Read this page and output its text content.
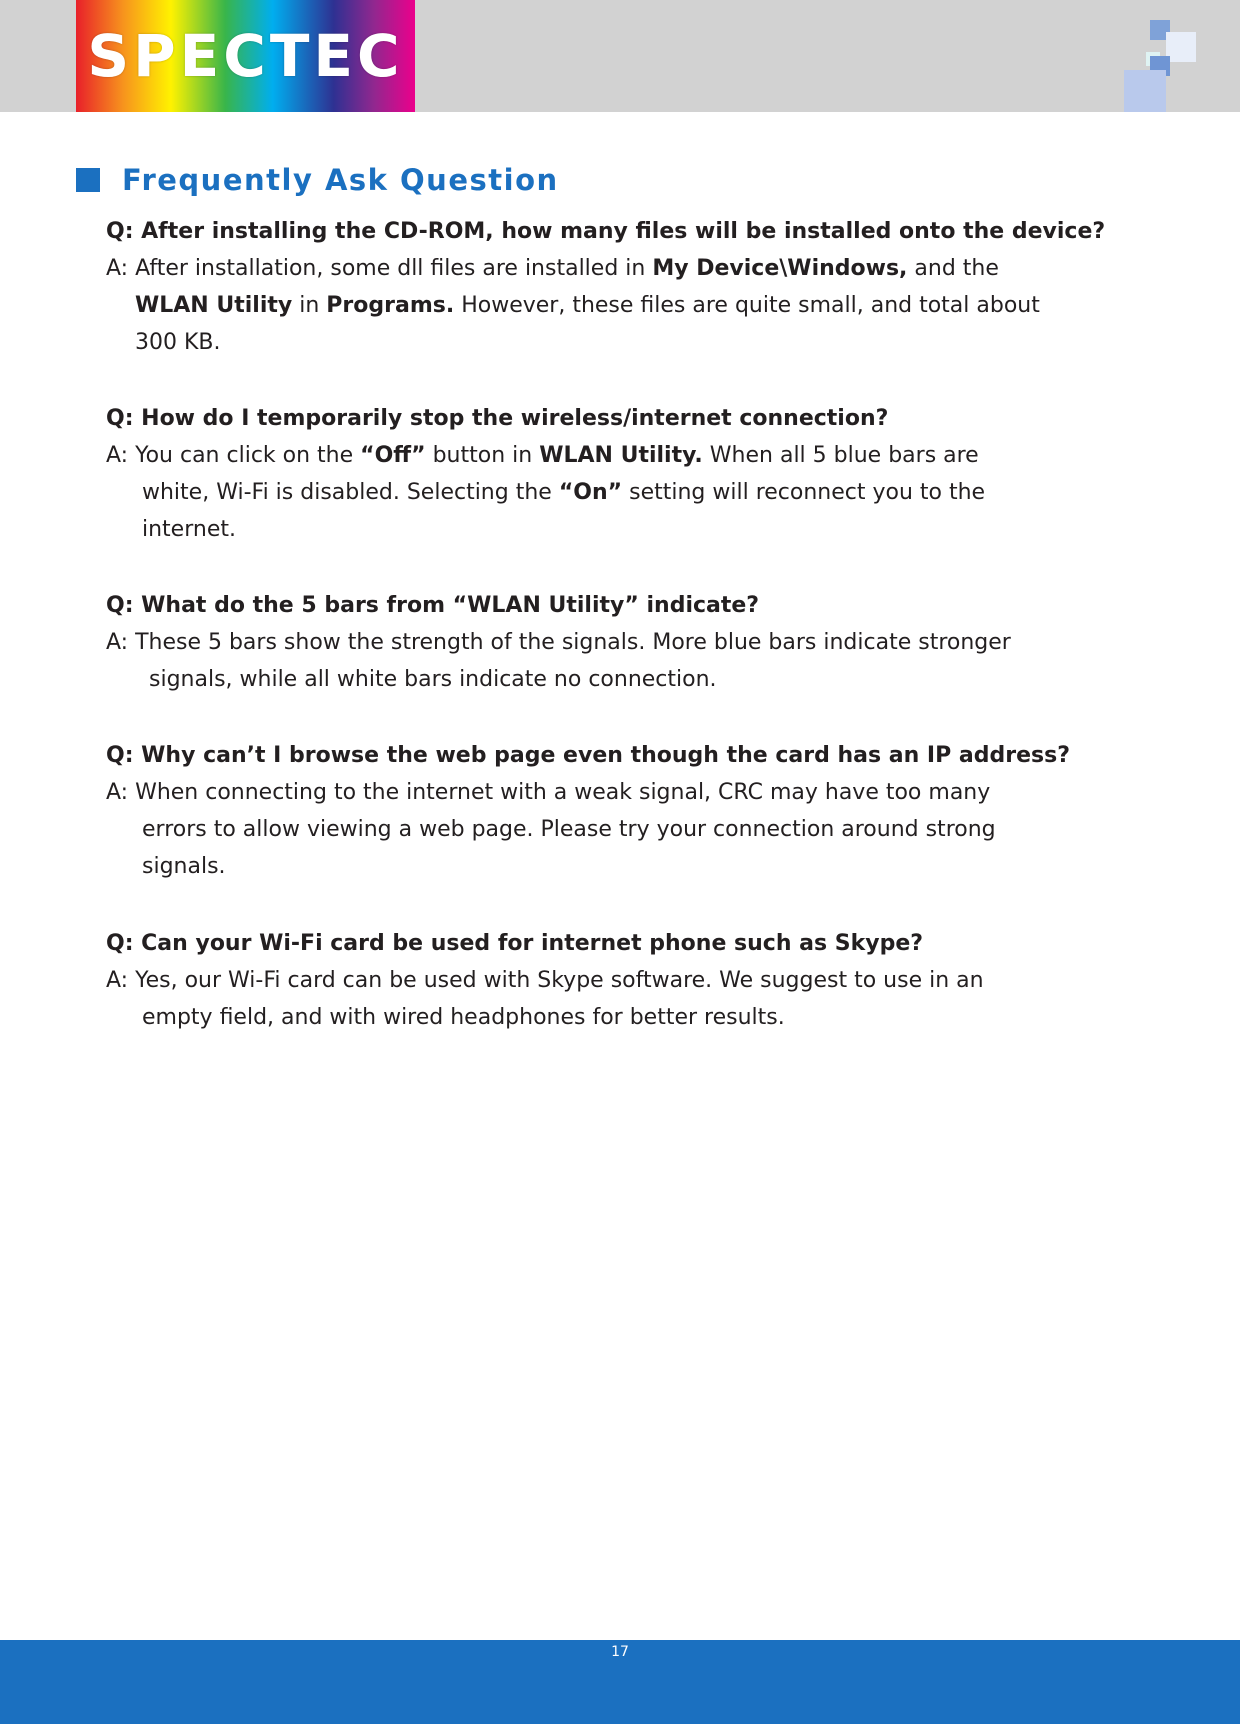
SPECTEC
Frequently Ask Question

Q: After installing the CD-ROM, how many files will be installed onto the device?

A: After installation, some dll files are installed in My Device\Windows, and the
WLAN Utility in Programs. However, these files are quite small, and total about
300 KB.

Q: How do I temporarily stop the wireless/internet connection?

A: You can click on the “Off” button in WLAN Utility. When all 5 blue bars are
white, Wi-Fi is disabled. Selecting the “On” setting will reconnect you to the
internet.

Q: What do the 5 bars from “WLAN Utility” indicate?

A: These 5 bars show the strength of the signals. More blue bars indicate stronger
signals, while all white bars indicate no connection.

Q: Why can’t I browse the web page even though the card has an IP address?

A: When connecting to the internet with a weak signal, CRC may have too many
errors to allow viewing a web page. Please try your connection around strong
signals.

Q: Can your Wi-Fi card be used for internet phone such as Skype?

A: Yes, our Wi-Fi card can be used with Skype software. We suggest to use in an
empty field, and with wired headphones for better results.

17
